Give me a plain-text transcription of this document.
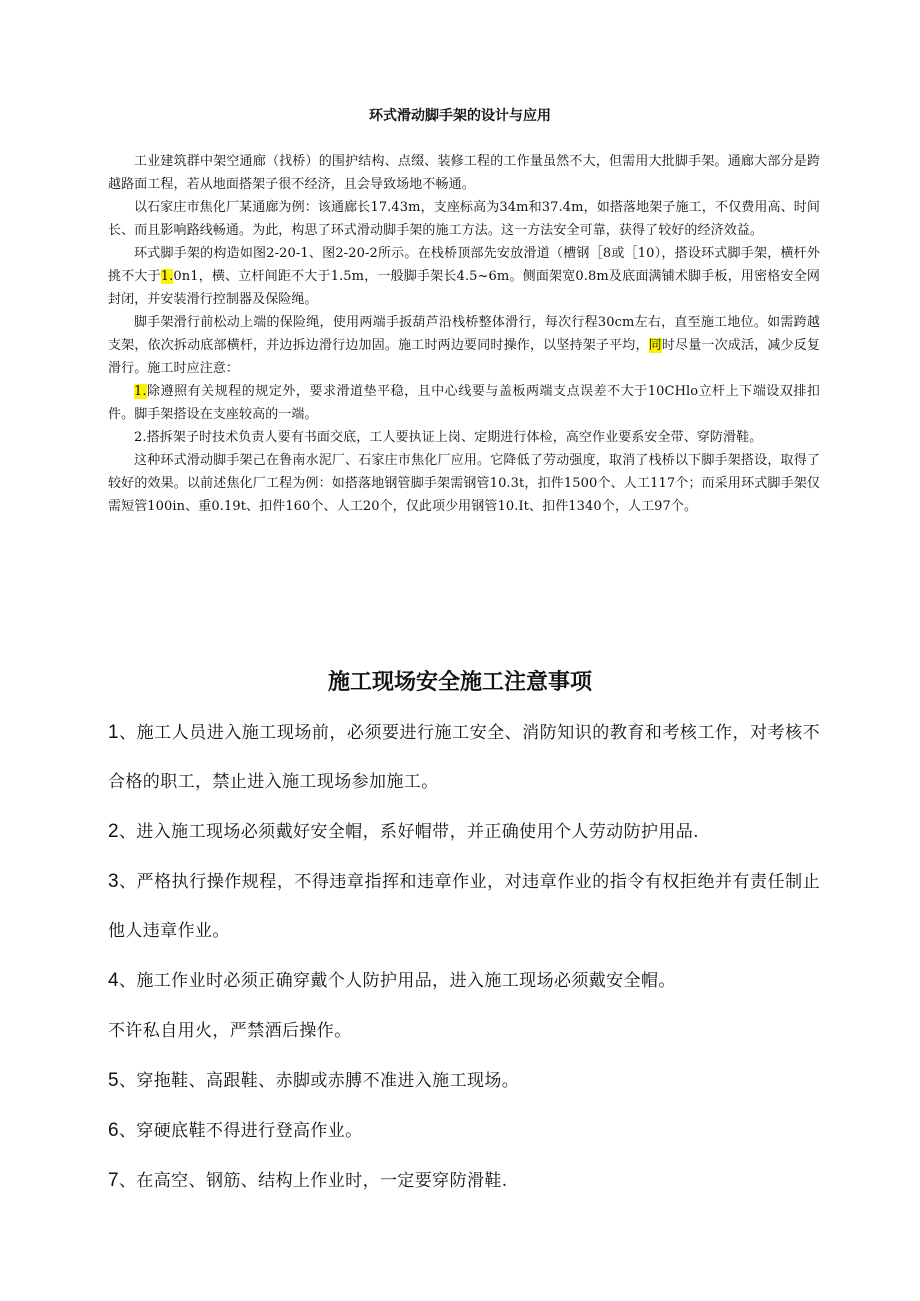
环式滑动脚手架的设计与应用

工业建筑群中架空通廊（找桥）的围护结构、点缀、装修工程的工作量虽然不大，但需用大批脚手架。通廊大部分是跨越路面工程，若从地面搭架子很不经济，且会导致场地不畅通。

以石家庄市焦化厂某通廊为例：该通廊长17.43m，支座标高为34m和37.4m，如搭落地架子施工，不仅费用高、时间长、而且影响路线畅通。为此，构思了环式滑动脚手架的施工方法。这一方法安全可靠，获得了较好的经济效益。

环式脚手架的构造如图2-20-1、图2-20-2所示。在栈桥顶部先安放滑道（槽钢［8或［10），搭设环式脚手架，横杆外挑不大于1.0n1，横、立杆间距不大于1.5m，一般脚手架长4.5~6m。侧面架宽0.8m及底面满铺术脚手板，用密格安全网封闭，并安装滑行控制器及保险绳。

脚手架滑行前松动上端的保险绳，使用两端手扳葫芦沿栈桥整体滑行，每次行程30cm左右，直至施工地位。如需跨越支架，依次拆动底部横杆，并边拆边滑行边加固。施工时两边要同时操作，以坚持架子平均，同时尽量一次成活，减少反复滑行。施工时应注意：

1.除遵照有关规程的规定外，要求滑道垫平稳，且中心线要与盖板两端支点误差不大于10CHlo立杆上下端设双排扣件。脚手架搭设在支座较高的一端。

2.搭拆架子时技术负责人要有书面交底，工人要执证上岗、定期进行体检，高空作业要系安全带、穿防滑鞋。

这种环式滑动脚手架己在鲁南水泥厂、石家庄市焦化厂应用。它降低了劳动强度，取消了栈桥以下脚手架搭设，取得了较好的效果。以前述焦化厂工程为例：如搭落地钢管脚手架需钢管10.3t，扣件1500个、人工117个；而采用环式脚手架仅需短管100in、重0.19t、扣件160个、人工20个，仅此项少用钢管10.It、扣件1340个，人工97个。

施工现场安全施工注意事项

1、施工人员进入施工现场前，必须要进行施工安全、消防知识的教育和考核工作，对考核不合格的职工，禁止进入施工现场参加施工。

2、进入施工现场必须戴好安全帽，系好帽带，并正确使用个人劳动防护用品.

3、严格执行操作规程，不得违章指挥和违章作业，对违章作业的指令有权拒绝并有责任制止他人违章作业。

4、施工作业时必须正确穿戴个人防护用品，进入施工现场必须戴安全帽。

不许私自用火，严禁酒后操作。

5、穿拖鞋、高跟鞋、赤脚或赤膊不准进入施工现场。

6、穿硬底鞋不得进行登高作业。

7、在高空、钢筋、结构上作业时，一定要穿防滑鞋.
